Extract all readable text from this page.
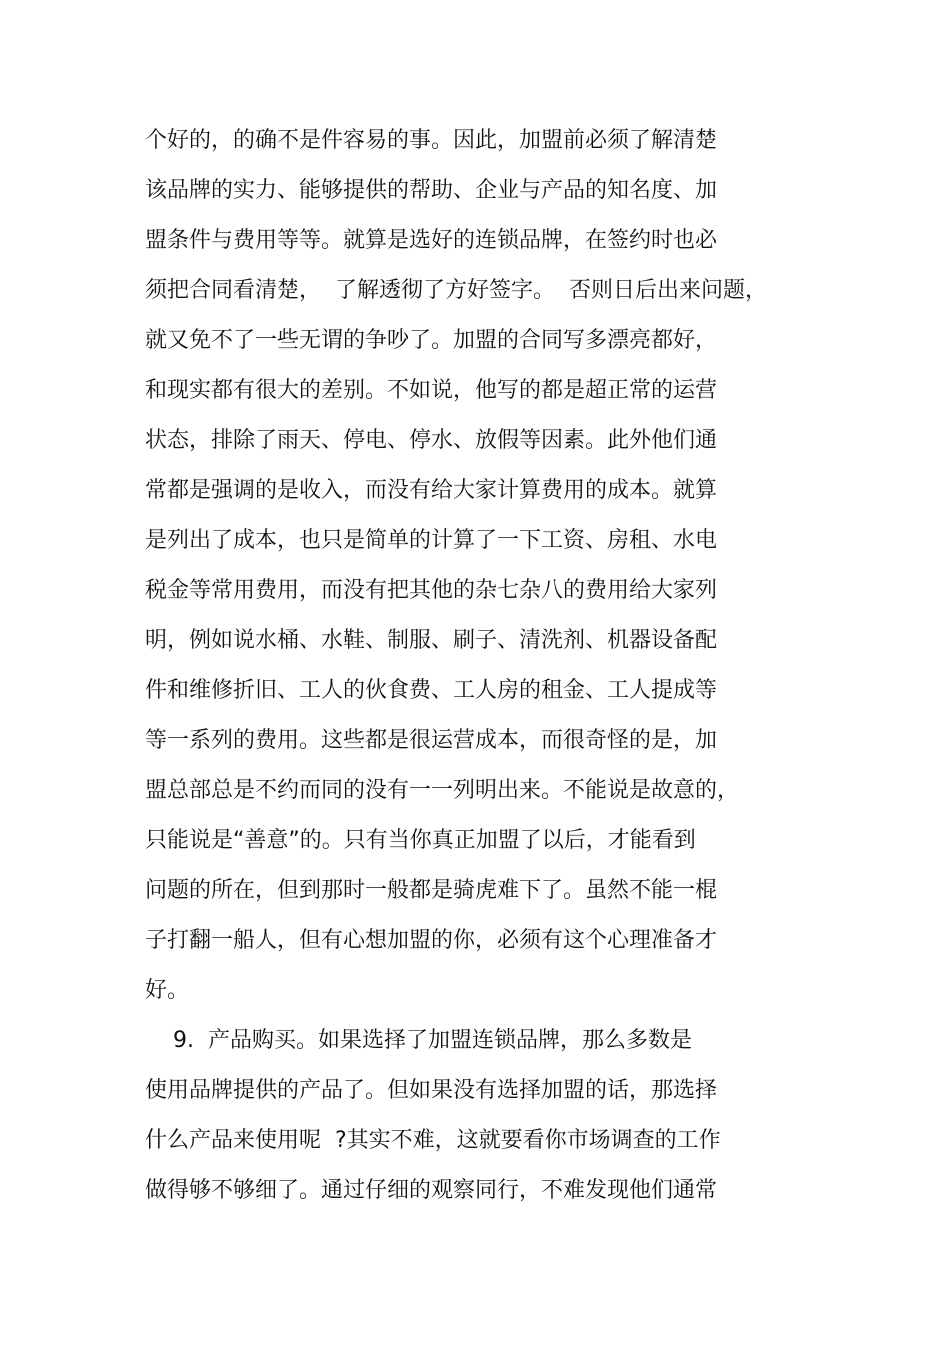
个好的，的确不是件容易的事。因此，加盟前必须了解清楚
该品牌的实力、能够提供的帮助、企业与产品的知名度、加
盟条件与费用等等。就算是选好的连锁品牌，在签约时也必
须把合同看清楚，  了解透彻了方好签字。  否则日后出来问题，
就又免不了一些无谓的争吵了。加盟的合同写多漂亮都好，
和现实都有很大的差别。不如说，他写的都是超正常的运营
状态，排除了雨天、停电、停水、放假等因素。此外他们通
常都是强调的是收入，而没有给大家计算费用的成本。就算
是列出了成本，也只是简单的计算了一下工资、房租、水电
税金等常用费用，而没有把其他的杂七杂八的费用给大家列
明，例如说水桶、水鞋、制服、刷子、清洗剂、机器设备配
件和维修折旧、工人的伙食费、工人房的租金、工人提成等
等一系列的费用。这些都是很运营成本，而很奇怪的是，加
盟总部总是不约而同的没有一一列明出来。不能说是故意的，
只能说是“善意”的。只有当你真正加盟了以后，才能看到
问题的所在，但到那时一般都是骑虎难下了。虽然不能一棍
子打翻一船人，但有心想加盟的你，必须有这个心理准备才
好。
9.  产品购买。如果选择了加盟连锁品牌，那么多数是
使用品牌提供的产品了。但如果没有选择加盟的话，那选择
什么产品来使用呢  ?其实不难，这就要看你市场调查的工作
做得够不够细了。通过仔细的观察同行，不难发现他们通常
